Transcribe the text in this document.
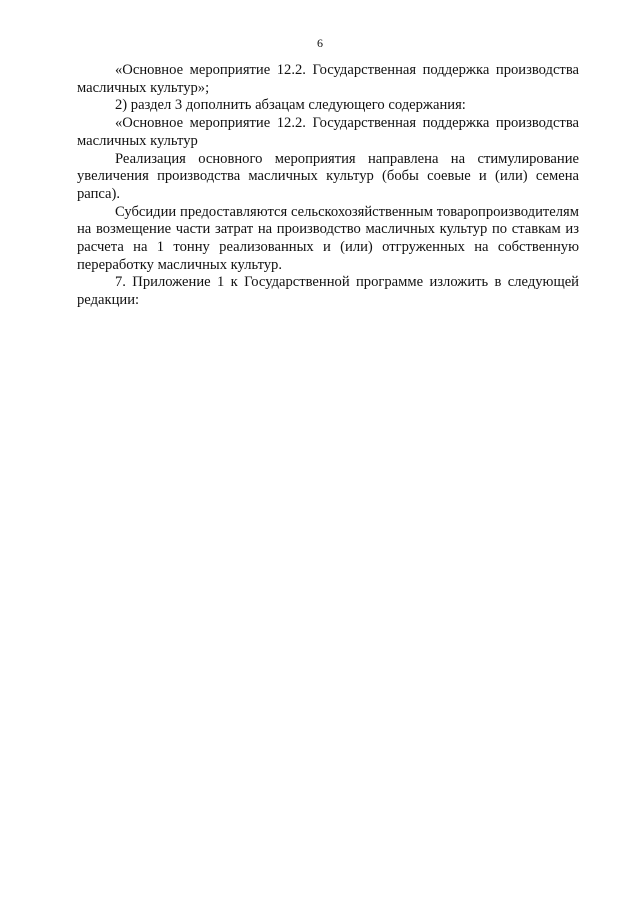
6

«Основное мероприятие 12.2. Государственная поддержка производства масличных культур»;

2) раздел 3 дополнить абзацам следующего содержания:

«Основное мероприятие 12.2. Государственная поддержка производства масличных культур

Реализация основного мероприятия направлена на стимулирование увеличения производства масличных культур (бобы соевые и (или) семена рапса).

Субсидии предоставляются сельскохозяйственным товаропроизводителям на возмещение части затрат на производство масличных культур по ставкам из расчета на 1 тонну реализованных и (или) отгруженных на собственную переработку масличных культур.

7. Приложение 1 к Государственной программе изложить в следующей редакции:
